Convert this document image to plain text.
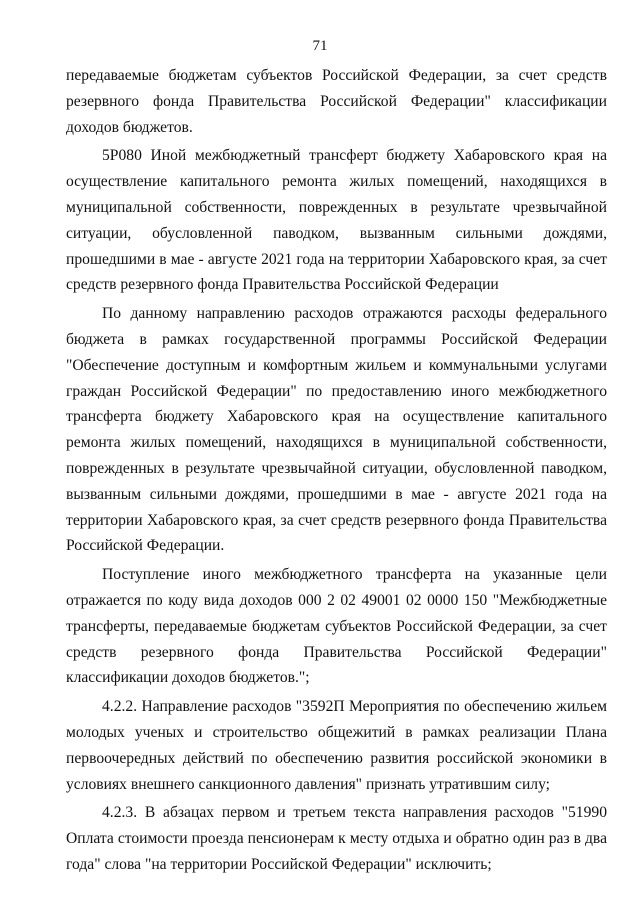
71

передаваемые бюджетам субъектов Российской Федерации, за счет средств резервного фонда Правительства Российской Федерации" классификации доходов бюджетов.

5Р080 Иной межбюджетный трансферт бюджету Хабаровского края на осуществление капитального ремонта жилых помещений, находящихся в муниципальной собственности, поврежденных в результате чрезвычайной ситуации, обусловленной паводком, вызванным сильными дождями, прошедшими в мае - августе 2021 года на территории Хабаровского края, за счет средств резервного фонда Правительства Российской Федерации

По данному направлению расходов отражаются расходы федерального бюджета в рамках государственной программы Российской Федерации "Обеспечение доступным и комфортным жильем и коммунальными услугами граждан Российской Федерации" по предоставлению иного межбюджетного трансферта бюджету Хабаровского края на осуществление капитального ремонта жилых помещений, находящихся в муниципальной собственности, поврежденных в результате чрезвычайной ситуации, обусловленной паводком, вызванным сильными дождями, прошедшими в мае - августе 2021 года на территории Хабаровского края, за счет средств резервного фонда Правительства Российской Федерации.

Поступление иного межбюджетного трансферта на указанные цели отражается по коду вида доходов 000 2 02 49001 02 0000 150 "Межбюджетные трансферты, передаваемые бюджетам субъектов Российской Федерации, за счет средств резервного фонда Правительства Российской Федерации" классификации доходов бюджетов.";

4.2.2. Направление расходов "3592П Мероприятия по обеспечению жильем молодых ученых и строительство общежитий в рамках реализации Плана первоочередных действий по обеспечению развития российской экономики в условиях внешнего санкционного давления" признать утратившим силу;

4.2.3. В абзацах первом и третьем текста направления расходов "51990 Оплата стоимости проезда пенсионерам к месту отдыха и обратно один раз в два года" слова "на территории Российской Федерации" исключить;
